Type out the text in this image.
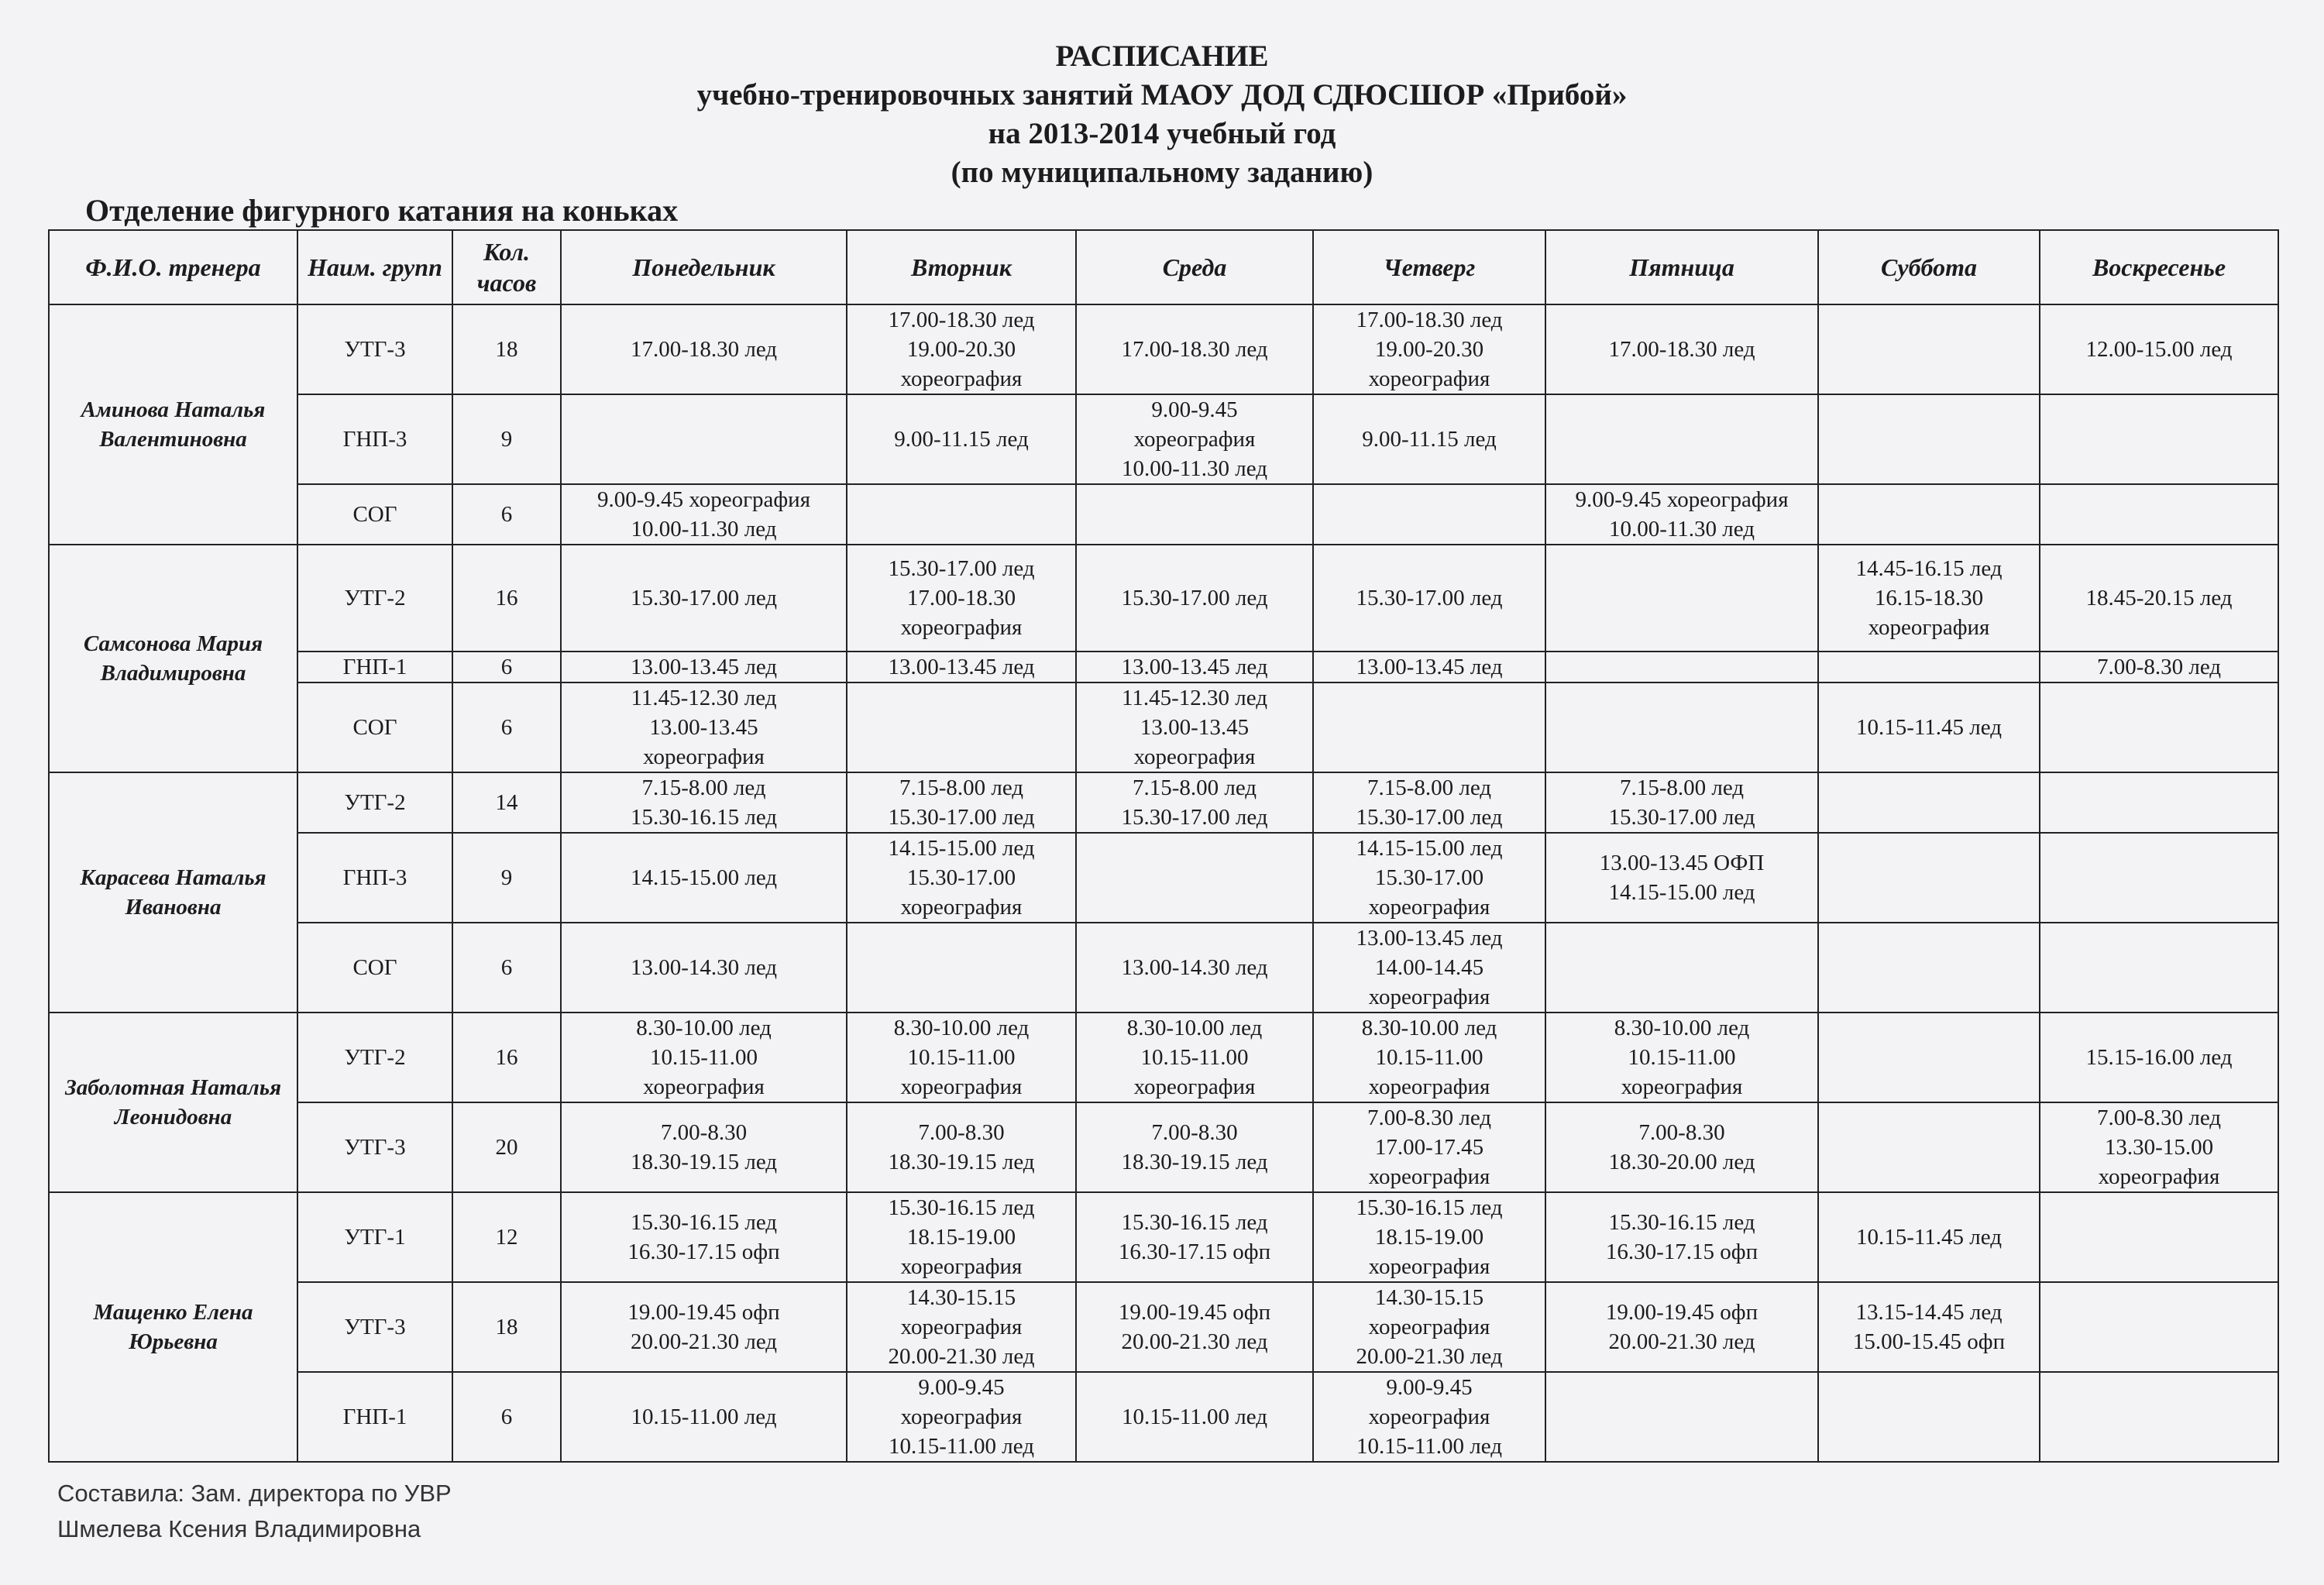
РАСПИСАНИЕ
учебно-тренировочных занятий МАОУ ДОД СДЮСШОР «Прибой»
на 2013-2014 учебный год
(по муниципальному заданию)
Отделение фигурного катания на коньках
Ф.И.О. тренера	Наим. групп	Кол. часов	Понедельник	Вторник	Среда	Четверг	Пятница	Суббота	Воскресенье
Аминова Наталья Валентиновна	УТГ-3	18	17.00-18.30 лед	17.00-18.30 лед
19.00-20.30
хореография	17.00-18.30 лед	17.00-18.30 лед
19.00-20.30
хореография	17.00-18.30 лед		12.00-15.00 лед

	ГНП-3	9		9.00-11.15 лед	9.00-9.45
хореография
10.00-11.30 лед	9.00-11.15 лед			

	СОГ	6	9.00-9.45 хореография
10.00-11.30 лед				9.00-9.45 хореография
10.00-11.30 лед		

Самсонова Мария Владимировна	УТГ-2	16	15.30-17.00 лед	15.30-17.00 лед
17.00-18.30
хореография	15.30-17.00 лед	15.30-17.00 лед		14.45-16.15 лед
16.15-18.30
хореография	18.45-20.15 лед

	ГНП-1	6	13.00-13.45 лед	13.00-13.45 лед	13.00-13.45 лед	13.00-13.45 лед			7.00-8.30 лед

	СОГ	6	11.45-12.30 лед
13.00-13.45
хореография		11.45-12.30 лед
13.00-13.45
хореография			10.15-11.45 лед	

Карасева Наталья Ивановна	УТГ-2	14	7.15-8.00 лед
15.30-16.15 лед	7.15-8.00 лед
15.30-17.00 лед	7.15-8.00 лед
15.30-17.00 лед	7.15-8.00 лед
15.30-17.00 лед	7.15-8.00 лед
15.30-17.00 лед		

	ГНП-3	9	14.15-15.00 лед	14.15-15.00 лед
15.30-17.00
хореография		14.15-15.00 лед
15.30-17.00
хореография	13.00-13.45 ОФП
14.15-15.00 лед		

	СОГ	6	13.00-14.30 лед		13.00-14.30 лед	13.00-13.45 лед
14.00-14.45
хореография			

Заболотная Наталья Леонидовна	УТГ-2	16	8.30-10.00 лед
10.15-11.00
хореография	8.30-10.00 лед
10.15-11.00
хореография	8.30-10.00 лед
10.15-11.00
хореография	8.30-10.00 лед
10.15-11.00
хореография	8.30-10.00 лед
10.15-11.00
хореография		15.15-16.00 лед

	УТГ-3	20	7.00-8.30
18.30-19.15 лед	7.00-8.30
18.30-19.15 лед	7.00-8.30
18.30-19.15 лед	7.00-8.30 лед
17.00-17.45
хореография	7.00-8.30
18.30-20.00 лед		7.00-8.30 лед
13.30-15.00
хореография

Мащенко Елена Юрьевна	УТГ-1	12	15.30-16.15 лед
16.30-17.15 офп	15.30-16.15 лед
18.15-19.00
хореография	15.30-16.15 лед
16.30-17.15 офп	15.30-16.15 лед
18.15-19.00
хореография	15.30-16.15 лед
16.30-17.15 офп	10.15-11.45 лед	

	УТГ-3	18	19.00-19.45 офп
20.00-21.30 лед	14.30-15.15
хореография
20.00-21.30 лед	19.00-19.45 офп
20.00-21.30 лед	14.30-15.15
хореография
20.00-21.30 лед	19.00-19.45 офп
20.00-21.30 лед	13.15-14.45 лед
15.00-15.45 офп	

	ГНП-1	6	10.15-11.00 лед	9.00-9.45
хореография
10.15-11.00 лед	10.15-11.00 лед	9.00-9.45
хореография
10.15-11.00 лед			

Составила: Зам. директора по УВР
Шмелева Ксения Владимировна
